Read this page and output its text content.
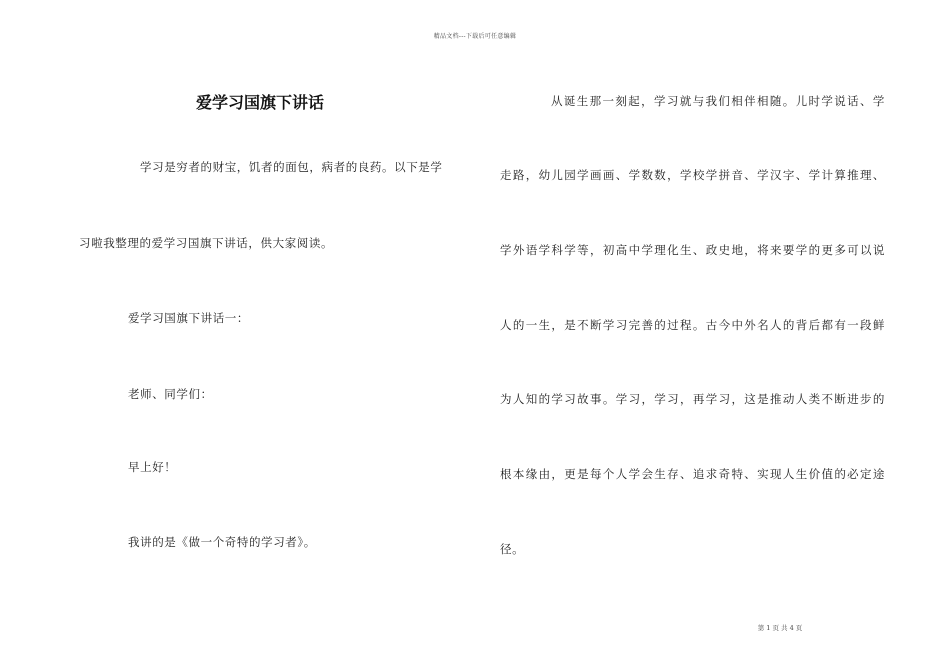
精品文档---下载后可任意编辑
爱学习国旗下讲话
学习是穷者的财宝，饥者的面包，病者的良药。以下是学
习啦我整理的爱学习国旗下讲话，供大家阅读。
爱学习国旗下讲话一：
老师、同学们：
早上好！
我讲的是《做一个奇特的学习者》。
从诞生那一刻起，学习就与我们相伴相随。儿时学说话、学
走路，幼儿园学画画、学数数，学校学拼音、学汉字、学计算推理、
学外语学科学等，初高中学理化生、政史地，将来要学的更多可以说
人的一生，是不断学习完善的过程。古今中外名人的背后都有一段鲜
为人知的学习故事。学习，学习，再学习，这是推动人类不断进步的
根本缘由，更是每个人学会生存、追求奇特、实现人生价值的必定途
径。
第 1 页 共 4 页
